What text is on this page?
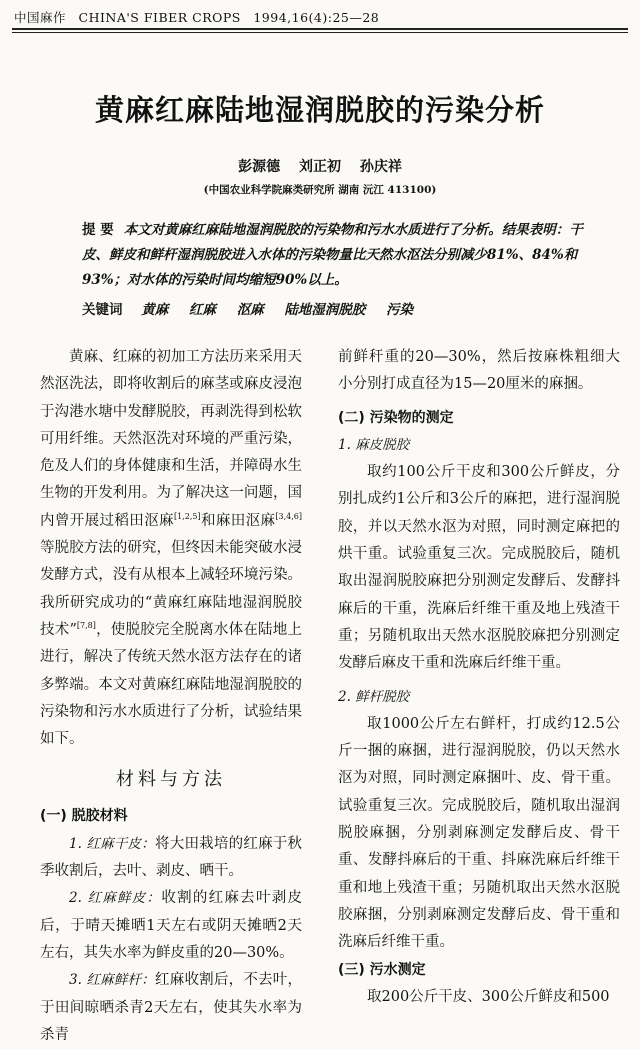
中国麻作 CHINA'S FIBER CROPS 1994,16(4):25—28
黄麻红麻陆地湿润脱胶的污染分析
彭源德 刘正初 孙庆祥
(中国农业科学院麻类研究所 湖南 沅江 413100)
提 要 本文对黄麻红麻陆地湿润脱胶的污染物和污水水质进行了分析。结果表明：干皮、鲜皮和鲜杆湿润脱胶进入水体的污染物量比天然水沤法分别减少81%、84%和93%；对水体的污染时间均缩短90%以上。
关键词 黄麻 红麻 沤麻 陆地湿润脱胶 污染

黄麻、红麻的初加工方法历来采用天然沤洗法，即将收割后的麻茎或麻皮浸泡于沟港水塘中发酵脱胶，再剥洗得到松软可用纤维。天然沤洗对环境的严重污染，危及人们的身体健康和生活，并障碍水生生物的开发利用。为了解决这一问题，国内曾开展过稻田沤麻[1,2,5]和麻田沤麻[3,4,6]等脱胶方法的研究，但终因未能突破水浸发酵方式，没有从根本上减轻环境污染。我所研究成功的“黄麻红麻陆地湿润脱胶技术”[7,8]，使脱胶完全脱离水体在陆地上进行，解决了传统天然水沤方法存在的诸多弊端。本文对黄麻红麻陆地湿润脱胶的污染物和污水水质进行了分析，试验结果如下。

材料与方法

(一) 脱胶材料

1. 红麻干皮：将大田栽培的红麻于秋季收割后，去叶、剥皮、晒干。

2. 红麻鲜皮：收割的红麻去叶剥皮后，于晴天摊晒1天左右或阴天摊晒2天左右，其失水率为鲜皮重的20—30%。

3. 红麻鲜杆：红麻收割后，不去叶，于田间晾晒杀青2天左右，使其失水率为杀青

前鲜秆重的20—30%，然后按麻株粗细大小分别打成直径为15—20厘米的麻捆。

(二) 污染物的测定

1. 麻皮脱胶

取约100公斤干皮和300公斤鲜皮，分别扎成约1公斤和3公斤的麻把，进行湿润脱胶，并以天然水沤为对照，同时测定麻把的烘干重。试验重复三次。完成脱胶后，随机取出湿润脱胶麻把分别测定发酵后、发酵抖麻后的干重，洗麻后纤维干重及地上残渣干重；另随机取出天然水沤脱胶麻把分别测定发酵后麻皮干重和洗麻后纤维干重。

2. 鲜杆脱胶

取1000公斤左右鲜杆，打成约12.5公斤一捆的麻捆，进行湿润脱胶，仍以天然水沤为对照，同时测定麻捆叶、皮、骨干重。试验重复三次。完成脱胶后，随机取出湿润脱胶麻捆，分别剥麻测定发酵后皮、骨干重、发酵抖麻后的干重、抖麻洗麻后纤维干重和地上残渣干重；另随机取出天然水沤脱胶麻捆，分别剥麻测定发酵后皮、骨干重和洗麻后纤维干重。

(三) 污水测定

取200公斤干皮、300公斤鲜皮和500
